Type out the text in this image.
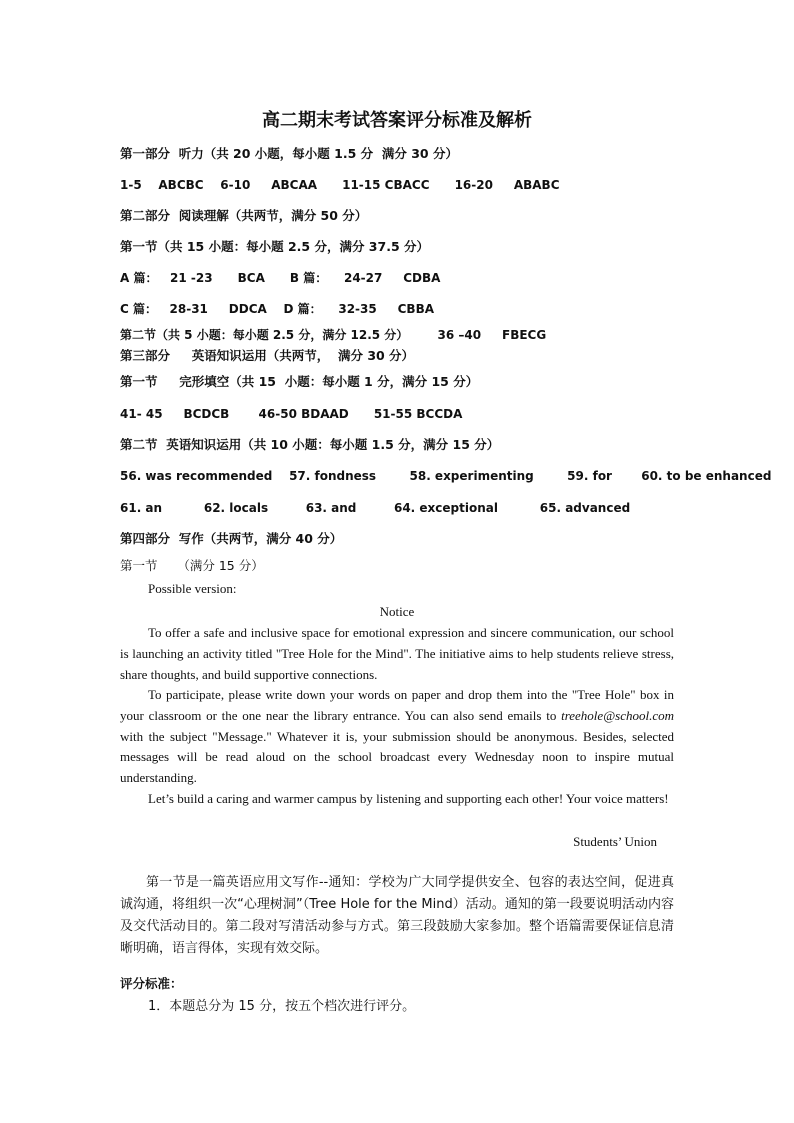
高二期末考试答案评分标准及解析
第一部分  听力（共 20 小题，每小题 1.5 分  满分 30 分）
1-5    ABCBC    6-10     ABCAA      11-15 CBACC      16-20     ABABC
第二部分  阅读理解（共两节，满分 50 分）
第一节（共 15 小题：每小题 2.5 分，满分 37.5 分）
A 篇：   21 -23      BCA      B 篇：    24-27     CDBA
C 篇：   28-31     DDCA    D 篇：    32-35     CBBA
第二节（共 5 小题：每小题 2.5 分，满分 12.5 分）       36 –40     FBECG
第三部分     英语知识运用（共两节，  满分 30 分）
第一节     完形填空（共 15  小题：每小题 1 分，满分 15 分）
41- 45     BCDCB       46-50 BDAAD      51-55 BCCDA
第二节  英语知识运用（共 10 小题：每小题 1.5 分，满分 15 分）
56. was recommended    57. fondness        58. experimenting        59. for       60. to be enhanced
61. an          62. locals         63. and         64. exceptional          65. advanced
第四部分  写作（共两节，满分 40 分）
第一节     （满分 15 分）
Possible version:
Notice
To offer a safe and inclusive space for emotional expression and sincere communication, our school is launching an activity titled "Tree Hole for the Mind". The initiative aims to help students relieve stress, share thoughts, and build supportive connections.
To participate, please write down your words on paper and drop them into the "Tree Hole" box in your classroom or the one near the library entrance. You can also send emails to treehole@school.com with the subject "Message." Whatever it is, your submission should be anonymous. Besides, selected messages will be read aloud on the school broadcast every Wednesday noon to inspire mutual understanding.
Let’s build a caring and warmer campus by listening and supporting each other! Your voice matters!
Students’ Union
第一节是一篇英语应用文写作--通知：学校为广大同学提供安全、包容的表达空间，促进真诚沟通，将组织一次“心理树洞”（Tree Hole for the Mind）活动。通知的第一段要说明活动内容及交代活动目的。第二段对写清活动参与方式。第三段鼓励大家参加。整个语篇需要保证信息清晰明确，语言得体，实现有效交际。
评分标准：
1．本题总分为 15 分，按五个档次进行评分。
